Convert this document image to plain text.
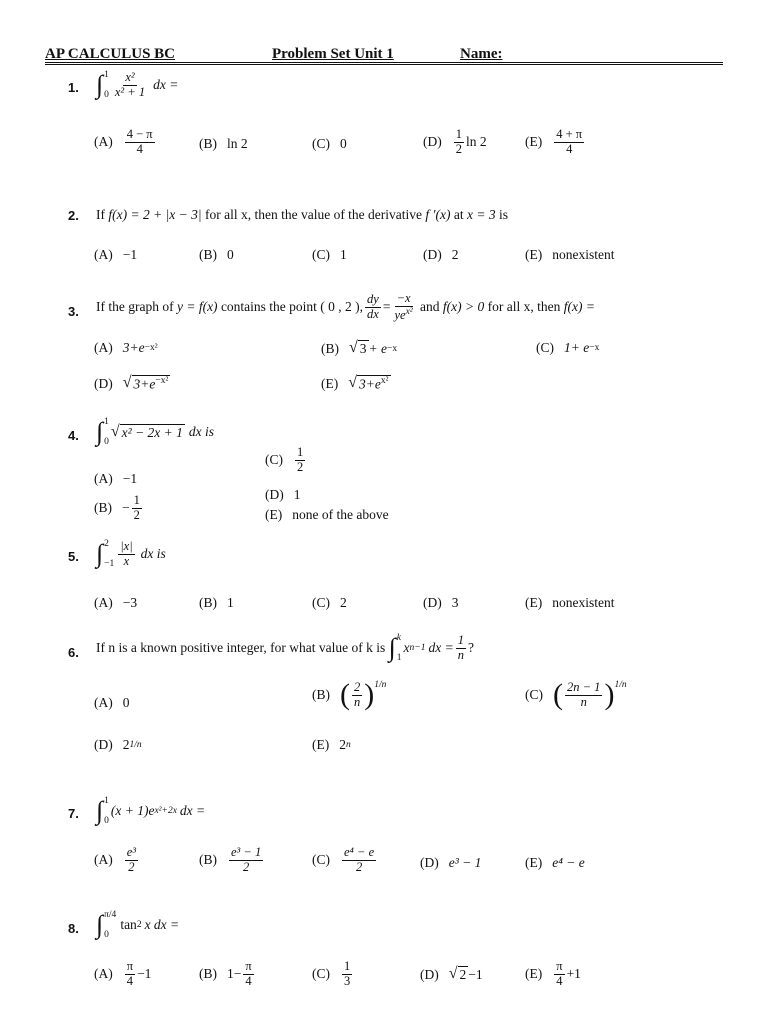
AP CALCULUS BC	Problem Set Unit 1	Name:
1. ∫ 1
$0 \frac{\text{x²}}{\text{x² + 1}}$ dx =
$(A) \frac{4 - \pi}{4}$	(B) ln 2	(C) 0	$(D) \frac{1}{2}$ ln 2	$(E) \frac{4 + \pi}{4}$
2. If
f(x) = 2 + |x − 3|
for all x, then the value of the derivative
f ′(x)
at
x = 3
is
(A) −1	(B) 0	(C) 1	(D) 2	(E) nonexistent
3. If the graph of
y = f(x)
contains the point ( 0 , 2 ), $\frac{dy}{dx} = \frac{-x}{ye^{x^2}}$
and
f(x) > 0
for all x, then
f(x) =
(A) 3+e −x²	(B) √ 3 + e −x	(C) 1+ e −x
(D) √ $3+e^{-x^2}$	(E) √ $3+e^{x^2}$
4. ∫ 1
0
√ x² − 2x + 1 dx is
(A) −1
$(B) - \frac{1}{2}$
$(C) \frac{1}{2}$
(D) 1
(E) none of the above
5. ∫ 2
$-1 \frac{|x|}{x}$ dx is
(A) −3	(B) 1	(C) 2	(D) 3	(E) nonexistent
6. If n is a known positive integer, for what value of k is
∫ k
1
x n−1 dx = $\frac{1}{n}$ ?
(A) 0
(B) ( $\frac{2}{n} )^{1/n}$
(C) ( $\frac{2n - 1}{n} )^{1/n}$
(D) 2 1/n	(E) 2 n
7. ∫ 1
0
(x + 1)e x²+2x dx =
$(A) \frac{\text{e³}}{2}$	$(B) \frac{\text{e³ − 1}}{2}$	$(C) \frac{\text{e⁴ − e}}{2}$	(D) e³ − 1	(E) e⁴ − e
8. ∫ π/4
0
tan 2 x dx =
$(A) \frac{\pi}{4} -1$	(B) $1- \frac{\pi}{4}$	$(C) \frac{1}{3}$	(D) √ 2 −1	$(E) \frac{\pi}{4} +1$
